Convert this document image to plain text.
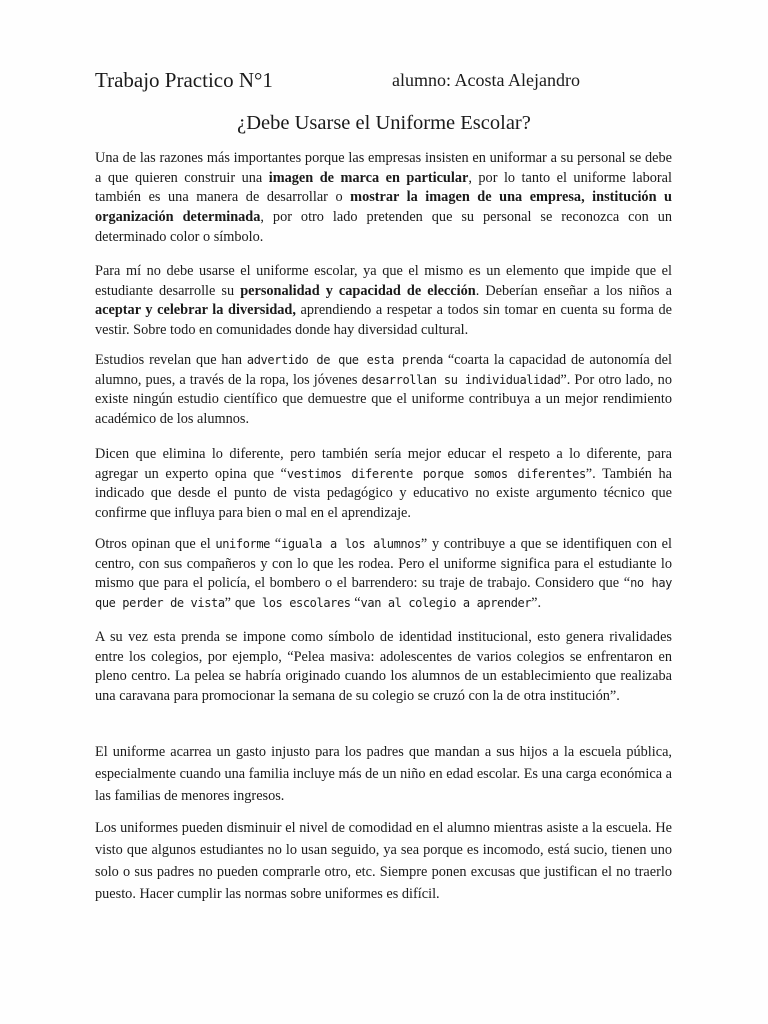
Trabajo Practico N°1	alumno: Acosta Alejandro
¿Debe Usarse el Uniforme Escolar?

Una de las razones más importantes porque las empresas insisten en uniformar a su personal se debe a que quieren construir una imagen de marca en particular, por lo tanto el uniforme laboral también es una manera de desarrollar o mostrar la imagen de una empresa, institución u organización determinada, por otro lado pretenden que su personal se reconozca con un determinado color o símbolo.

Para mí no debe usarse el uniforme escolar, ya que el mismo es un elemento que impide que el estudiante desarrolle su personalidad y capacidad de elección. Deberían enseñar a los niños a aceptar y celebrar la diversidad, aprendiendo a respetar a todos sin tomar en cuenta su forma de vestir. Sobre todo en comunidades donde hay diversidad cultural.

Estudios revelan que han advertido de que esta prenda “coarta la capacidad de autonomía del alumno, pues, a través de la ropa, los jóvenes desarrollan su individualidad”. Por otro lado, no existe ningún estudio científico que demuestre que el uniforme contribuya a un mejor rendimiento académico de los alumnos.

Dicen que elimina lo diferente, pero también sería mejor educar el respeto a lo diferente, para agregar un experto opina que “vestimos diferente porque somos diferentes”. También ha indicado que desde el punto de vista pedagógico y educativo no existe argumento técnico que confirme que influya para bien o mal en el aprendizaje.

Otros opinan que el uniforme “iguala a los alumnos” y contribuye a que se identifiquen con el centro, con sus compañeros y con lo que les rodea. Pero el uniforme significa para el estudiante lo mismo que para el policía, el bombero o el barrendero: su traje de trabajo. Considero que “no hay que perder de vista” que los escolares “van al colegio a aprender”.

A su vez esta prenda se impone como símbolo de identidad institucional, esto genera rivalidades entre los colegios, por ejemplo, “Pelea masiva: adolescentes de varios colegios se enfrentaron en pleno centro. La pelea se habría originado cuando los alumnos de un establecimiento que realizaba una caravana para promocionar la semana de su colegio se cruzó con la de otra institución”.

El uniforme acarrea un gasto injusto para los padres que mandan a sus hijos a la escuela pública, especialmente cuando una familia incluye más de un niño en edad escolar. Es una carga económica a las familias de menores ingresos.

Los uniformes pueden disminuir el nivel de comodidad en el alumno mientras asiste a la escuela. He visto que algunos estudiantes no lo usan seguido, ya sea porque es incomodo, está sucio, tienen uno solo o sus padres no pueden comprarle otro, etc. Siempre ponen excusas que justifican el no traerlo puesto. Hacer cumplir las normas sobre uniformes es difícil.
